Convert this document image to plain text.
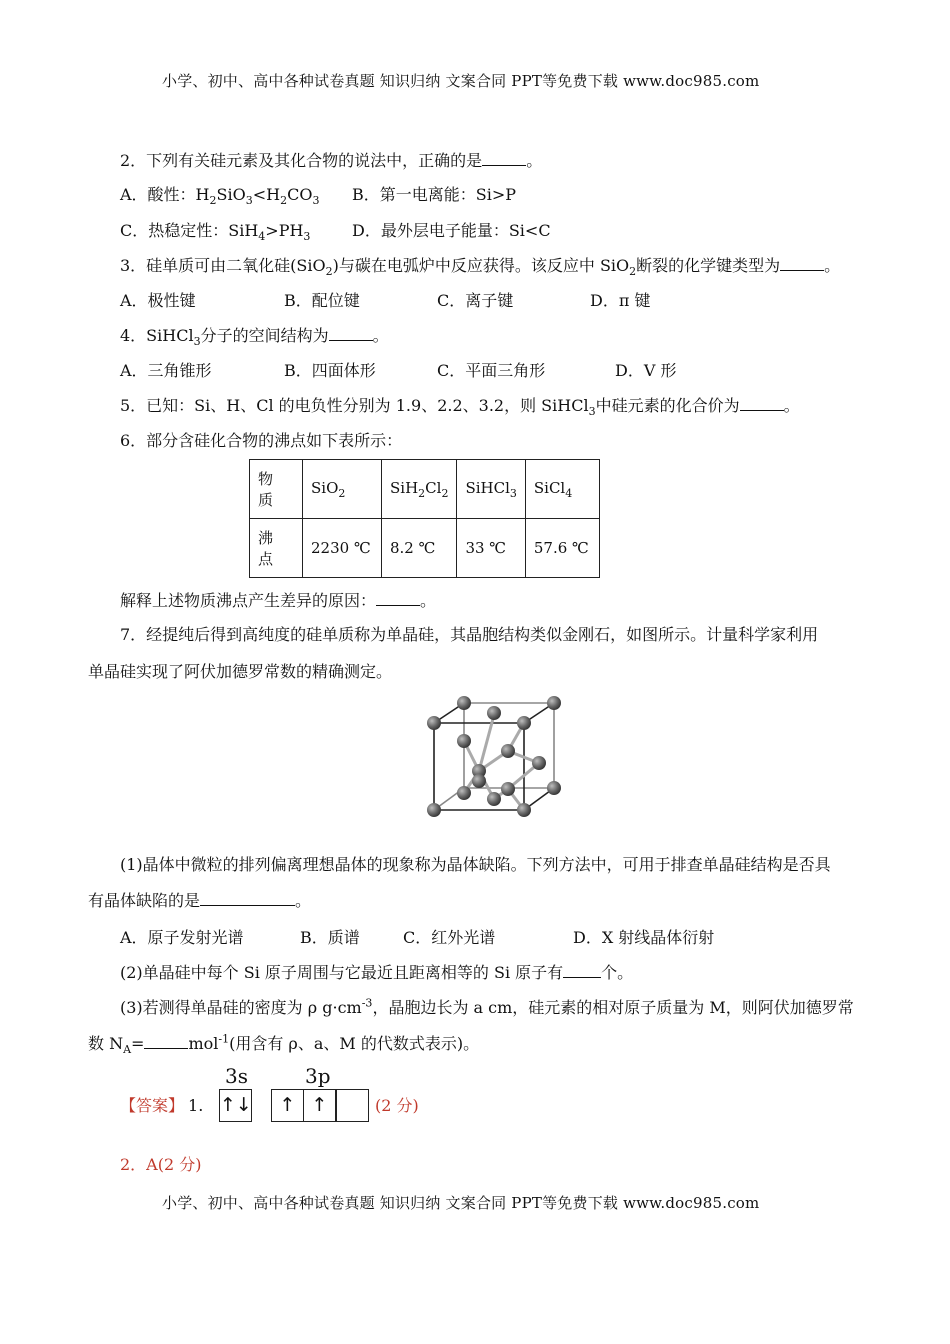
小学、初中、高中各种试卷真题 知识归纳 文案合同 PPT等免费下载 www.doc985.com
2．下列有关硅元素及其化合物的说法中，正确的是	。
A．酸性：$H_2SiO_3<H_2CO_3$ B．第一电离能：Si>P
C．热稳定性：$SiH_4>PH_3$	D．最外层电子能量：Si<C
3．硅单质可由二氧化硅(SiO$_2$)与碳在电弧炉中反应获得。该反应中 SiO$_2$断裂的化学键类型为	。
A．极性键	B．配位键	C．离子键	D．π 键
4．SiHCl$_3$分子的空间结构为	。
A．三角锥形	B．四面体形	C．平面三角形	D．V 形
5．已知：Si、H、Cl 的电负性分别为 1.9、2.2、3.2，则 SiHCl$_3$中硅元素的化合价为	。
6．部分含硅化合物的沸点如下表所示：
物
质	SiO$_2$	$SiH_2Cl_2$	SiHCl$_3$	SiCl$_4$

沸
点	2230 ℃	8.2 ℃	33 ℃	57.6 ℃
解释上述物质沸点产生差异的原因：	。
7．经提纯后得到高纯度的硅单质称为单晶硅，其晶胞结构类似金刚石，如图所示。计量科学家利用
单晶硅实现了阿伏加德罗常数的精确测定。
(1)晶体中微粒的排列偏离理想晶体的现象称为晶体缺陷。下列方法中，可用于排查单晶硅结构是否具
有晶体缺陷的是	。
A．原子发射光谱	B．质谱	C．红外光谱	D．X 射线晶体衍射
(2)单晶硅中每个 Si 原子周围与它最近且距离相等的 Si 原子有 个。
(3)若测得单晶硅的密度为 ρ $g\cdot cm^{-3}$，晶胞边长为 a cm，硅元素的相对原子质量为 M，则阿伏加德罗常
数 $N_A=$	mol$^{-1}$(用含有 ρ、a、M 的代数式表示)。
【答案】 1.
3s	3p
↑↓	↑ ↑	(2 分)
2．A(2 分)
小学、初中、高中各种试卷真题 知识归纳 文案合同 PPT等免费下载 www.doc985.com
